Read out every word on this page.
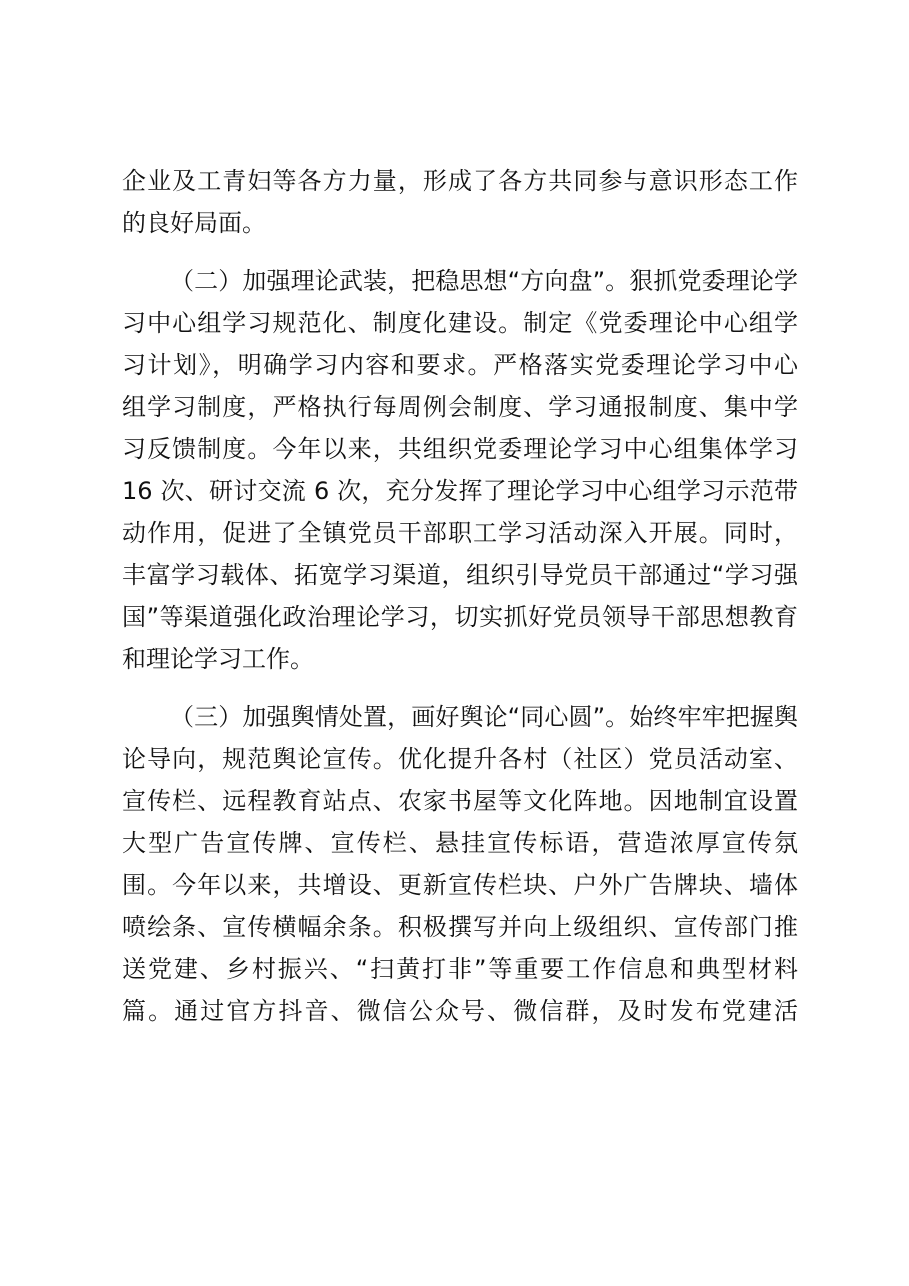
企业及工青妇等各方力量，形成了各方共同参与意识形态工作
的良好局面。
（二）加强理论武装，把稳思想“方向盘”。狠抓党委理论学
习中心组学习规范化、制度化建设。制定《党委理论中心组学
习计划》，明确学习内容和要求。严格落实党委理论学习中心
组学习制度，严格执行每周例会制度、学习通报制度、集中学
习反馈制度。今年以来，共组织党委理论学习中心组集体学习
16 次、研讨交流 6 次，充分发挥了理论学习中心组学习示范带
动作用，促进了全镇党员干部职工学习活动深入开展。同时，
丰富学习载体、拓宽学习渠道，组织引导党员干部通过“学习强
国”等渠道强化政治理论学习，切实抓好党员领导干部思想教育
和理论学习工作。
（三）加强舆情处置，画好舆论“同心圆”。始终牢牢把握舆
论导向，规范舆论宣传。优化提升各村（社区）党员活动室、
宣传栏、远程教育站点、农家书屋等文化阵地。因地制宜设置
大型广告宣传牌、宣传栏、悬挂宣传标语，营造浓厚宣传氛
围。今年以来，共增设、更新宣传栏块、户外广告牌块、墙体
喷绘条、宣传横幅余条。积极撰写并向上级组织、宣传部门推
送党建、乡村振兴、“扫黄打非”等重要工作信息和典型材料
篇。通过官方抖音、微信公众号、微信群，及时发布党建活
